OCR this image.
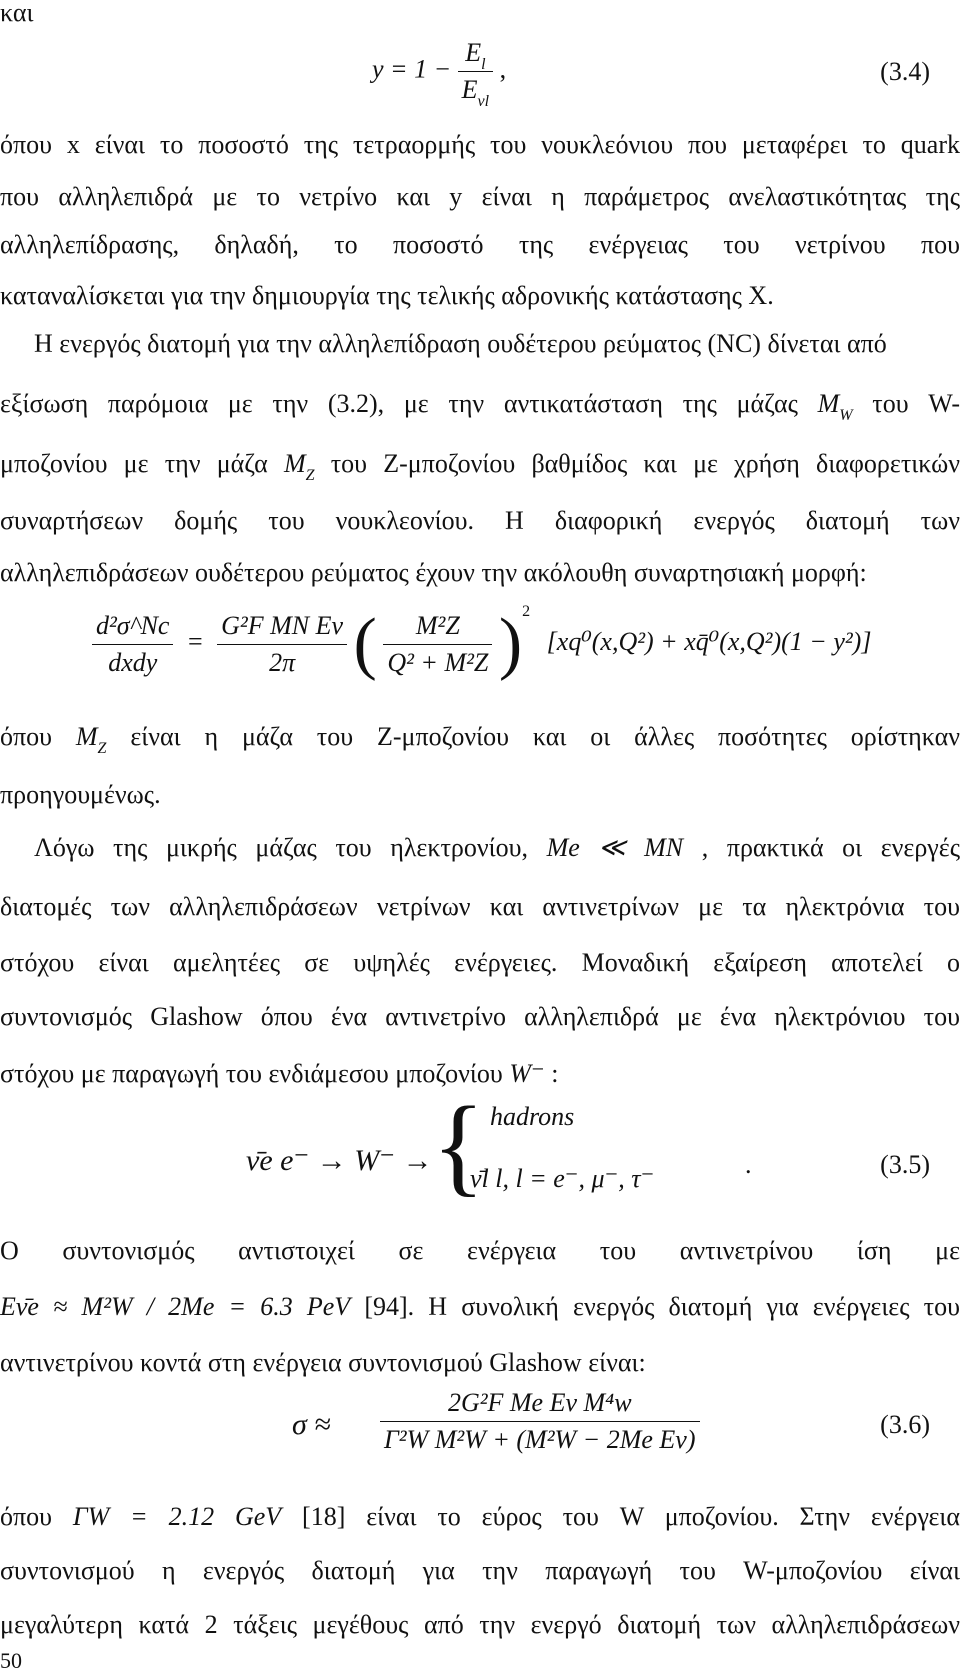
και
$y = 1 - \frac{E_l}{E_{\nu l}}$ ,	(3.4)
όπου x είναι το ποσοστό της τετραορμής του νουκλεόνιου που μεταφέρει το quark
που αλληλεπιδρά με το νετρίνο και y είναι η παράμετρος ανελαστικότητας της
αλληλεπίδρασης, δηλαδή, το ποσοστό της ενέργειας του νετρίνου που
καταναλίσκεται για την δημιουργία της τελικής αδρονικής κατάστασης X.
Η ενεργός διατομή για την αλληλεπίδραση ουδέτερου ρεύματος (NC) δίνεται από
εξίσωση παρόμοια με την (3.2), με την αντικατάσταση της μάζας $M_W$ του W-
μποζονίου με την μάζα $M_Z$ του Ζ-μποζονίου βαθμίδος και με χρήση διαφορετικών
συναρτήσεων δομής του νουκλεονίου. Η διαφορική ενεργός διατομή των
αλληλεπιδράσεων ουδέτερου ρεύματος έχουν την ακόλουθη συναρτησιακή μορφή:
$\frac{\text{d²σ\textasciicircum{}Nc}}{\text{dxdy}} = \frac{\text{G²F MN Eν}}{2\pi}$ ( $\frac{\text{M²Z}}{\text{Q² + M²Z}} )^2$ [xq⁰(x,Q²) + xq̄⁰(x,Q²)(1 − y²)]
όπου $M_Z$ είναι η μάζα του Ζ-μποζονίου και οι άλλες ποσότητες ορίστηκαν
προηγουμένως.
Λόγω της μικρής μάζας του ηλεκτρονίου, Me ≪ MN , πρακτικά οι ενεργές
διατομές των αλληλεπιδράσεων νετρίνων και αντινετρίνων με τα ηλεκτρόνια του
στόχου είναι αμελητέες σε υψηλές ενέργειες. Μοναδική εξαίρεση αποτελεί ο
συντονισμός Glashow όπου ένα αντινετρίνο αλληλεπιδρά με ένα ηλεκτρόνιου του
στόχου με παραγωγή του ενδιάμεσου μποζονίου W⁻ :
ν̄e e⁻ → W⁻ → { hadrons
ν̄l l, l = e⁻, μ⁻, τ⁻	.	(3.5)
Ο συντονισμός αντιστοιχεί σε ενέργεια του αντινετρίνου ίση με
Eν̄e ≈ M²W / 2Me = 6.3 PeV [94]. Η συνολική ενεργός διατομή για ενέργειες του
αντινετρίνου κοντά στη ενέργεια συντονισμού Glashow είναι:
$\sigma \approx \frac{\text{2G²F Me Eν M⁴w}}{\text{Γ²W M²W + (M²W − 2Me Eν)}}$	(3.6)
όπου ΓW = 2.12 GeV [18] είναι το εύρος του W μποζονίου. Στην ενέργεια
συντονισμού η ενεργός διατομή για την παραγωγή του W-μποζονίου είναι
μεγαλύτερη κατά 2 τάξεις μεγέθους από την ενεργό διατομή των αλληλεπιδράσεων
50
